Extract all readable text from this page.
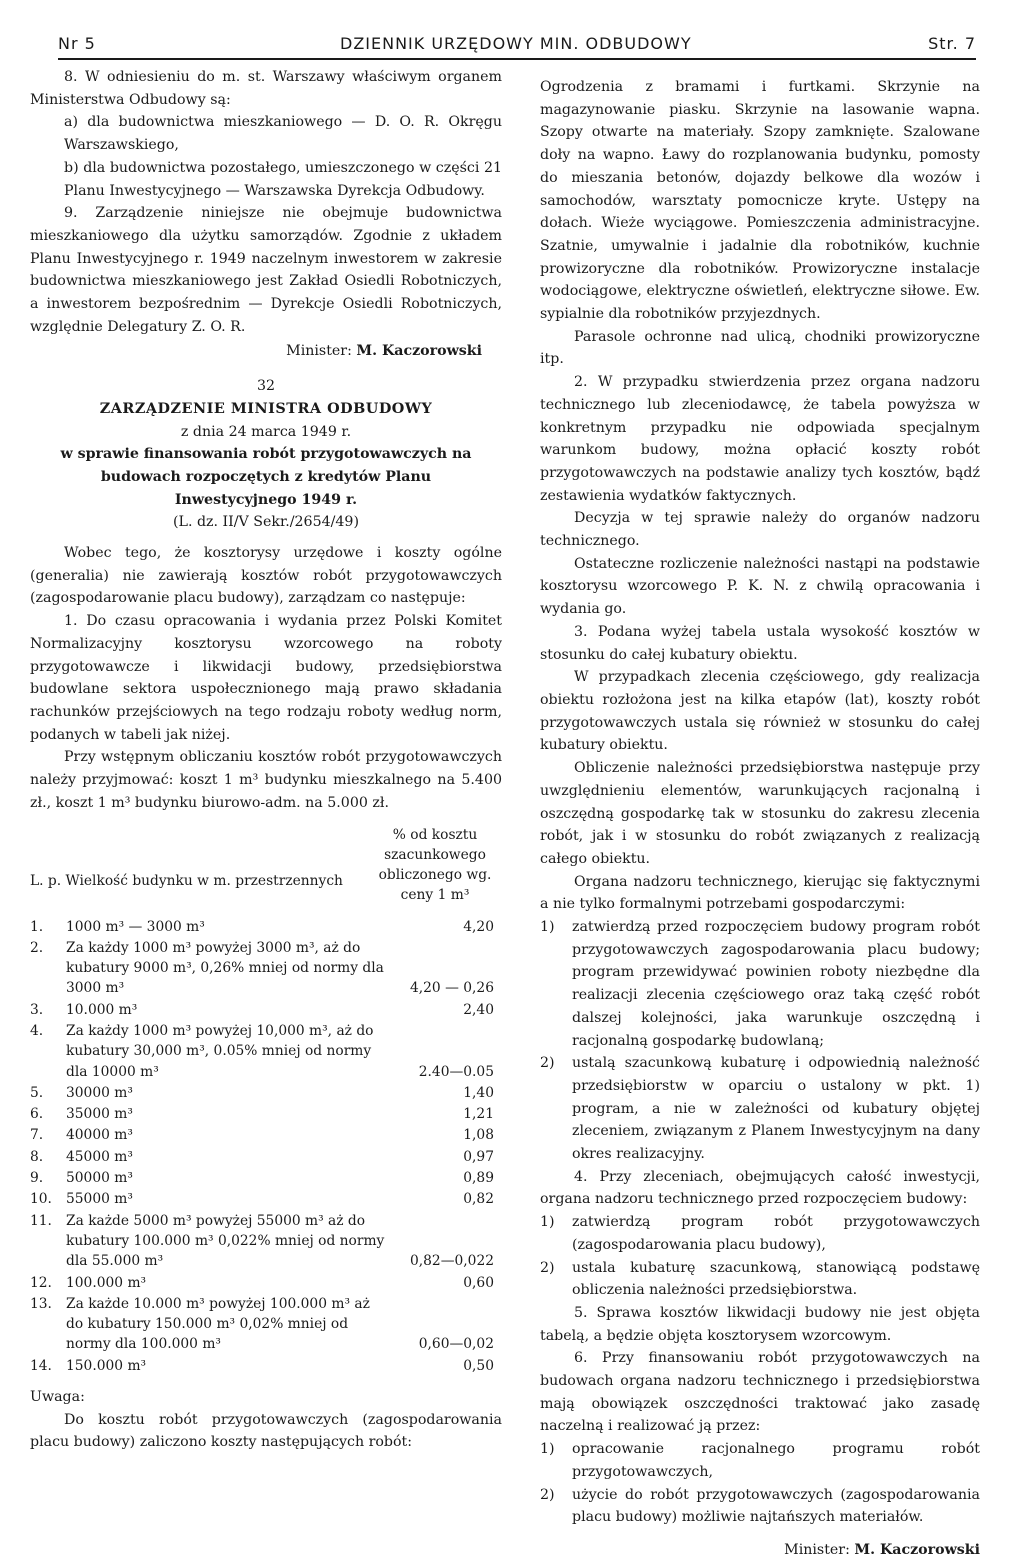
Nr 5	DZIENNIK URZĘDOWY MIN. ODBUDOWY	Str. 7

8. W odniesieniu do m. st. Warszawy właściwym organem Ministerstwa Odbudowy są:

a) dla budownictwa mieszkaniowego — D. O. R. Okręgu Warszawskiego,

b) dla budownictwa pozostałego, umieszczonego w części 21 Planu Inwestycyjnego — Warszawska Dyrekcja Odbudowy.

9. Zarządzenie niniejsze nie obejmuje budownictwa mieszkaniowego dla użytku samorządów. Zgodnie z układem Planu Inwestycyjnego r. 1949 naczelnym inwestorem w zakresie budownictwa mieszkaniowego jest Zakład Osiedli Robotniczych, a inwestorem bezpośrednim — Dyrekcje Osiedli Robotniczych, względnie Delegatury Z. O. R.

Minister: M. Kaczorowski

32

ZARZĄDZENIE MINISTRA ODBUDOWY

z dnia 24 marca 1949 r.

w sprawie finansowania robót przygotowawczych na budowach rozpoczętych z kredytów Planu Inwestycyjnego 1949 r.

(L. dz. II/V Sekr./2654/49)

Wobec tego, że kosztorysy urzędowe i koszty ogólne (generalia) nie zawierają kosztów robót przygotowawczych (zagospodarowanie placu budowy), zarządzam co następuje:

1. Do czasu opracowania i wydania przez Polski Komitet Normalizacyjny kosztorysu wzorcowego na roboty przygotowawcze i likwidacji budowy, przedsiębiorstwa budowlane sektora uspołecznionego mają prawo składania rachunków przejściowych na tego rodzaju roboty według norm, podanych w tabeli jak niżej.

Przy wstępnym obliczaniu kosztów robót przygotowawczych należy przyjmować: koszt 1 m³ budynku mieszkalnego na 5.400 zł., koszt 1 m³ budynku biurowo-adm. na 5.000 zł.

L. p. Wielkość budynku w m. przestrzennych
% od kosztu szacunkowego obliczonego wg. ceny 1 m³
1.	1000 m³ — 3000 m³	4,20
2.	Za każdy 1000 m³ powyżej 3000 m³, aż do kubatury 9000 m³, 0,26% mniej od normy dla 3000 m³	4,20 — 0,26
3.	10.000 m³	2,40
4.	Za każdy 1000 m³ powyżej 10,000 m³, aż do kubatury 30,000 m³, 0.05% mniej od normy dla 10000 m³	2.40—0.05
5.	30000 m³	1,40
6.	35000 m³	1,21
7.	40000 m³	1,08
8.	45000 m³	0,97
9.	50000 m³	0,89
10.	55000 m³	0,82
11.	Za każde 5000 m³ powyżej 55000 m³ aż do kubatury 100.000 m³ 0,022% mniej od normy dla 55.000 m³	0,82—0,022
12.	100.000 m³	0,60
13.	Za każde 10.000 m³ powyżej 100.000 m³ aż do kubatury 150.000 m³ 0,02% mniej od normy dla 100.000 m³	0,60—0,02
14.	150.000 m³	0,50

Uwaga:

Do kosztu robót przygotowawczych (zagospodarowania placu budowy) zaliczono koszty następujących robót:

Ogrodzenia z bramami i furtkami. Skrzynie na magazynowanie piasku. Skrzynie na lasowanie wapna. Szopy otwarte na materiały. Szopy zamknięte. Szalowane doły na wapno. Ławy do rozplanowania budynku, pomosty do mieszania betonów, dojazdy belkowe dla wozów i samochodów, warsztaty pomocnicze kryte. Ustępy na dołach. Wieże wyciągowe. Pomieszczenia administracyjne. Szatnie, umywalnie i jadalnie dla robotników, kuchnie prowizoryczne dla robotników. Prowizoryczne instalacje wodociągowe, elektryczne oświetleń, elektryczne siłowe. Ew. sypialnie dla robotników przyjezdnych.

Parasole ochronne nad ulicą, chodniki prowizoryczne itp.

2. W przypadku stwierdzenia przez organa nadzoru technicznego lub zleceniodawcę, że tabela powyższa w konkretnym przypadku nie odpowiada specjalnym warunkom budowy, można opłacić koszty robót przygotowawczych na podstawie analizy tych kosztów, bądź zestawienia wydatków faktycznych.

Decyzja w tej sprawie należy do organów nadzoru technicznego.

Ostateczne rozliczenie należności nastąpi na podstawie kosztorysu wzorcowego P. K. N. z chwilą opracowania i wydania go.

3. Podana wyżej tabela ustala wysokość kosztów w stosunku do całej kubatury obiektu.

W przypadkach zlecenia częściowego, gdy realizacja obiektu rozłożona jest na kilka etapów (lat), koszty robót przygotowawczych ustala się również w stosunku do całej kubatury obiektu.

Obliczenie należności przedsiębiorstwa następuje przy uwzględnieniu elementów, warunkujących racjonalną i oszczędną gospodarkę tak w stosunku do zakresu zlecenia robót, jak i w stosunku do robót związanych z realizacją całego obiektu.

Organa nadzoru technicznego, kierując się faktycznymi a nie tylko formalnymi potrzebami gospodarczymi:

1)	zatwierdzą przed rozpoczęciem budowy program robót przygotowawczych zagospodarowania placu budowy; program przewidywać powinien roboty niezbędne dla realizacji zlecenia częściowego oraz taką część robót dalszej kolejności, jaka warunkuje oszczędną i racjonalną gospodarkę budowlaną;
2)	ustalą szacunkową kubaturę i odpowiednią należność przedsiębiorstw w oparciu o ustalony w pkt. 1) program, a nie w zależności od kubatury objętej zleceniem, związanym z Planem Inwestycyjnym na dany okres realizacyjny.

4. Przy zleceniach, obejmujących całość inwestycji, organa nadzoru technicznego przed rozpoczęciem budowy:

1)	zatwierdzą program robót przygotowawczych (zagospodarowania placu budowy),
2)	ustala kubaturę szacunkową, stanowiącą podstawę obliczenia należności przedsiębiorstwa.

5. Sprawa kosztów likwidacji budowy nie jest objęta tabelą, a będzie objęta kosztorysem wzorcowym.

6. Przy finansowaniu robót przygotowawczych na budowach organa nadzoru technicznego i przedsiębiorstwa mają obowiązek oszczędności traktować jako zasadę naczelną i realizować ją przez:

1)	opracowanie racjonalnego programu robót przygotowawczych,
2)	użycie do robót przygotowawczych (zagospodarowania placu budowy) możliwie najtańszych materiałów.

Minister: M. Kaczorowski
